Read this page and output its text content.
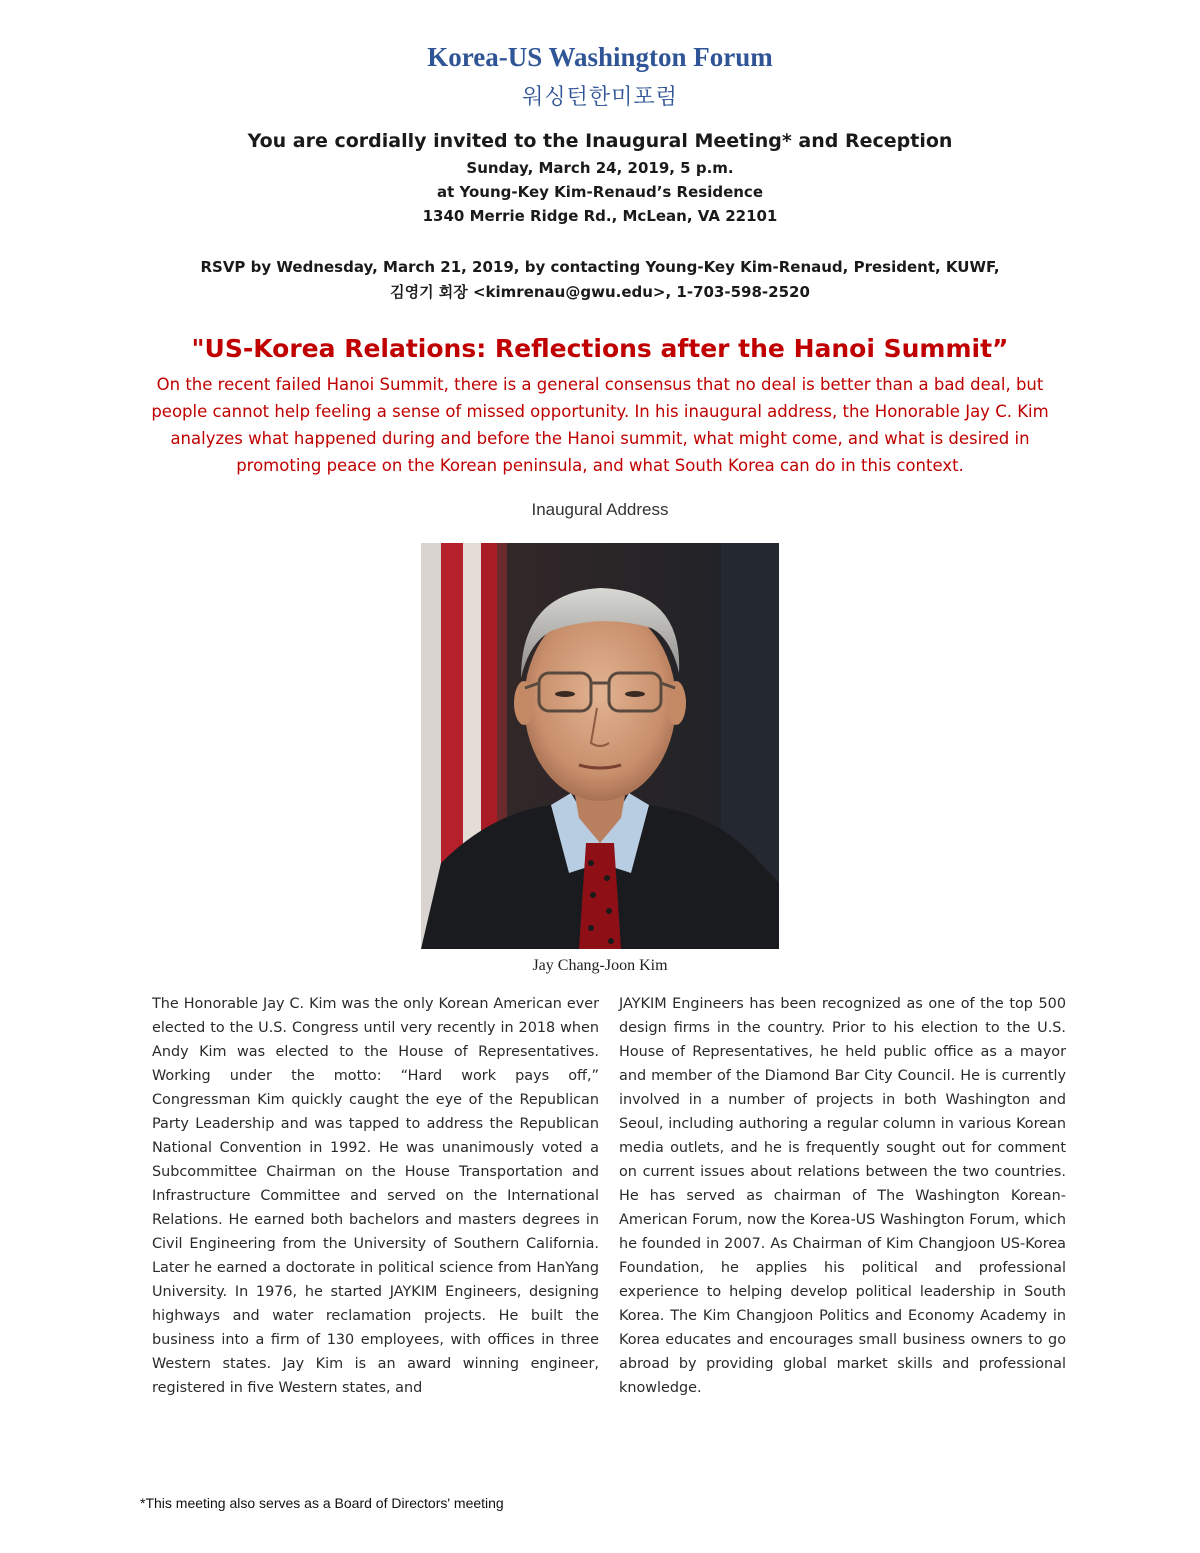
Korea-US Washington Forum
워싱턴한미포럼
You are cordially invited to the Inaugural Meeting* and Reception
Sunday, March 24, 2019, 5 p.m.
at Young-Key Kim-Renaud’s Residence
1340 Merrie Ridge Rd., McLean, VA 22101
RSVP by Wednesday, March 21, 2019, by contacting Young-Key Kim-Renaud, President, KUWF,
김영기 회장 <kimrenau@gwu.edu>, 1-703-598-2520
"US-Korea Relations: Reflections after the Hanoi Summit”

On the recent failed Hanoi Summit, there is a general consensus that no deal is better than a bad deal, but people cannot help feeling a sense of missed opportunity. In his inaugural address, the Honorable Jay C. Kim analyzes what happened during and before the Hanoi summit, what might come, and what is desired in promoting peace on the Korean peninsula, and what South Korea can do in this context.

Inaugural Address
Jay Chang-Joon Kim

The Honorable Jay C. Kim was the only Korean American ever elected to the U.S. Congress until very recently in 2018 when Andy Kim was elected to the House of Representatives. Working under the motto: “Hard work pays off,” Congressman Kim quickly caught the eye of the Republican Party Leadership and was tapped to address the Republican National Convention in 1992. He was unanimously voted a Subcommittee Chairman on the House Transportation and Infrastructure Committee and served on the International Relations. He earned both bachelors and masters degrees in Civil Engineering from the University of Southern California. Later he earned a doctorate in political science from HanYang University. In 1976, he started JAYKIM Engineers, designing highways and water reclamation projects. He built the business into a firm of 130 employees, with offices in three Western states. Jay Kim is an award winning engineer, registered in five Western states, and

JAYKIM Engineers has been recognized as one of the top 500 design firms in the country. Prior to his election to the U.S. House of Representatives, he held public office as a mayor and member of the Diamond Bar City Council. He is currently involved in a number of projects in both Washington and Seoul, including authoring a regular column in various Korean media outlets, and he is frequently sought out for comment on current issues about relations between the two countries. He has served as chairman of The Washington Korean-American Forum, now the Korea-US Washington Forum, which he founded in 2007. As Chairman of Kim Changjoon US-Korea Foundation, he applies his political and professional experience to helping develop political leadership in South Korea. The Kim Changjoon Politics and Economy Academy in Korea educates and encourages small business owners to go abroad by providing global market skills and professional knowledge.

*This meeting also serves as a Board of Directors' meeting
